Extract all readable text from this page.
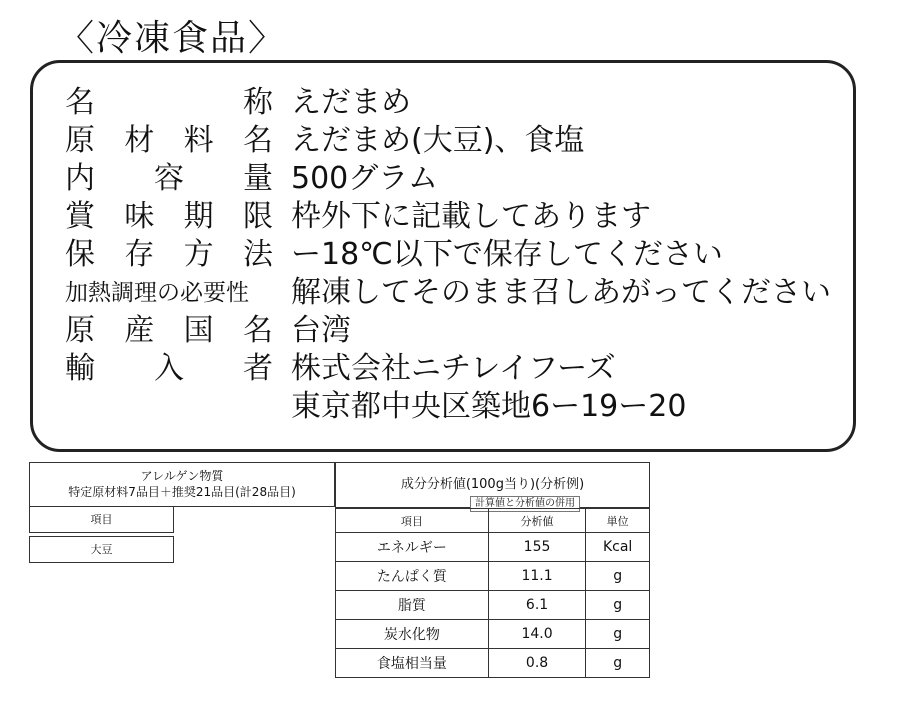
〈冷凍食品〉
名	称 えだまめ
原 材 料 名 えだまめ(大豆)、食塩
内 容 量 500グラム
賞 味 期 限 枠外下に記載してあります
保 存 方 法 ー18℃以下で保存してください
加熱調理の必要性	解凍してそのまま召しあがってください
原 産 国 名 台湾
輸 入 者 株式会社ニチレイフーズ
東京都中央区築地6ー19ー20
アレルゲン物質
特定原材料7品目＋推奨21品目(計28品目)
項目
大豆
成分分析値(100g当り)(分析例)
計算値と分析値の併用
項目	分析値	単位
エネルギー	155	Kcal
たんぱく質	11.1	g
脂質	6.1	g
炭水化物	14.0	g
食塩相当量	0.8	g
